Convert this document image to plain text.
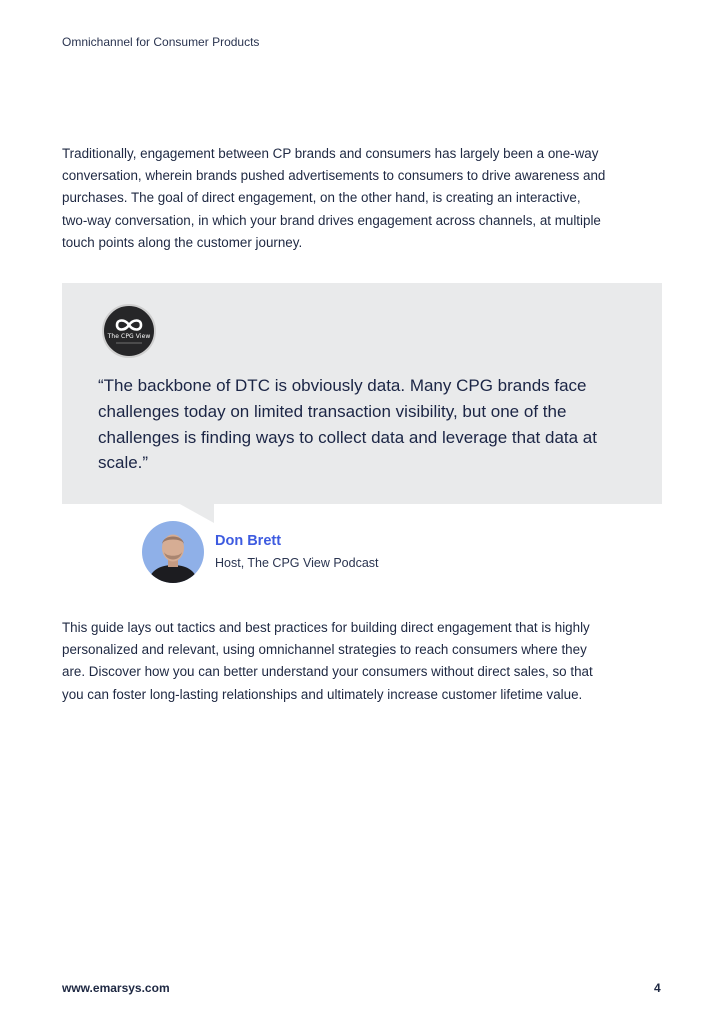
Omnichannel for Consumer Products

Traditionally, engagement between CP brands and consumers has largely been a one-way conversation, wherein brands pushed advertisements to consumers to drive awareness and purchases. The goal of direct engagement, on the other hand, is creating an interactive, two-way conversation, in which your brand drives engagement across channels, at multiple touch points along the customer journey.

The CPG View

“The backbone of DTC is obviously data. Many CPG brands face challenges today on limited transaction visibility, but one of the challenges is finding ways to collect data and leverage that data at scale.”

Don Brett
Host, The CPG View Podcast

This guide lays out tactics and best practices for building direct engagement that is highly personalized and relevant, using omnichannel strategies to reach consumers where they are. Discover how you can better understand your consumers without direct sales, so that you can foster long-lasting relationships and ultimately increase customer lifetime value.

www.emarsys.com	4
